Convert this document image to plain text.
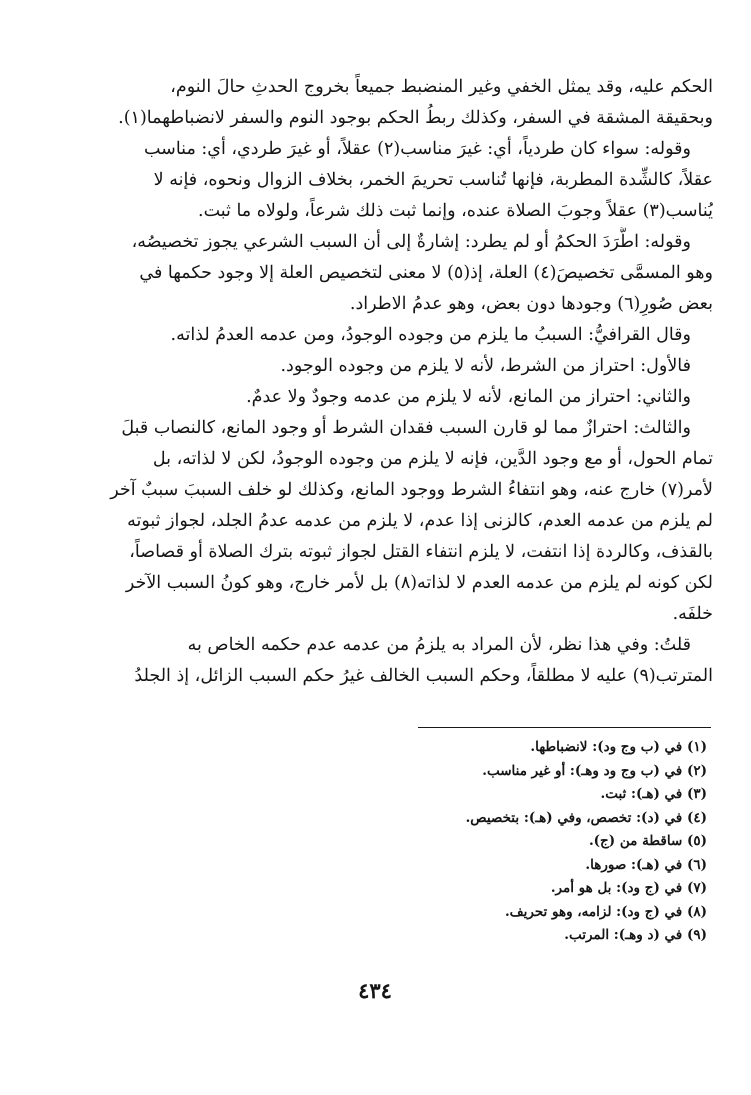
الحكم عليه، وقد يمثل الخفي وغير المنضبط جميعاً بخروج الحدثِ حالَ النوم،
وبحقيقة المشقة في السفر، وكذلك ربطُ الحكم بوجود النوم والسفر لانضباطهما(١).
وقوله: سواء كان طردياً، أي: غيرَ مناسب(٢) عقلاً، أو غيرَ طردي، أي: مناسب
عقلاً، كالشِّدة المطربة، فإنها تُناسب تحريمَ الخمر، بخلاف الزوال ونحوه، فإنه لا
يُناسب(٣) عقلاً وجوبَ الصلاة عنده، وإنما ثبت ذلك شرعاً، ولولاه ما ثبت.
وقوله: اطَّرَدَ الحكمُ أو لم يطرد: إشارةٌ إلى أن السبب الشرعي يجوز تخصيصُه،
وهو المسمَّى تخصيصَ(٤) العلة، إذ(٥) لا معنى لتخصيص العلة إلا وجود حكمها في
بعض صُورِ(٦) وجودها دون بعض، وهو عدمُ الاطراد.
وقال القرافيُّ: السببُ ما يلزم من وجوده الوجودُ، ومن عدمه العدمُ لذاته.
فالأول: احتراز من الشرط، لأنه لا يلزم من وجوده الوجود.
والثاني: احتراز من المانع، لأنه لا يلزم من عدمه وجودٌ ولا عدمٌ.
والثالث: احترازٌ مما لو قارن السبب فقدان الشرط أو وجود المانع، كالنصاب قبلَ
تمام الحول، أو مع وجود الدَّين، فإنه لا يلزم من وجوده الوجودُ، لكن لا لذاته، بل
لأمر(٧) خارج عنه، وهو انتفاءُ الشرط ووجود المانع، وكذلك لو خلف السببَ سببٌ آخر
لم يلزم من عدمه العدم، كالزنى إذا عدم، لا يلزم من عدمه عدمُ الجلد، لجواز ثبوته
بالقذف، وكالردة إذا انتفت، لا يلزم انتفاء القتل لجواز ثبوته بترك الصلاة أو قصاصاً،
لكن كونه لم يلزم من عدمه العدم لا لذاته(٨) بل لأمر خارج، وهو كونُ السبب الآخر
خلفَه.
قلتُ: وفي هذا نظر، لأن المراد به يلزمُ من عدمه عدم حكمه الخاص به
المترتب(٩) عليه لا مطلقاً، وحكم السبب الخالف غيرُ حكم السبب الزائل، إذ الجلدُ
(١) في (ب وج ود): لانضباطها.
(٢) في (ب وج ود وهـ): أو غير مناسب.
(٣) في (هـ): ثبت.
(٤) في (د): تخصص، وفي (هـ): بتخصيص.
(٥) ساقطة من (ج).
(٦) في (هـ): صورها.
(٧) في (ج ود): بل هو أمر.
(٨) في (ج ود): لزامه، وهو تحريف.
(٩) في (د وهـ): المرتب.
٤٣٤
